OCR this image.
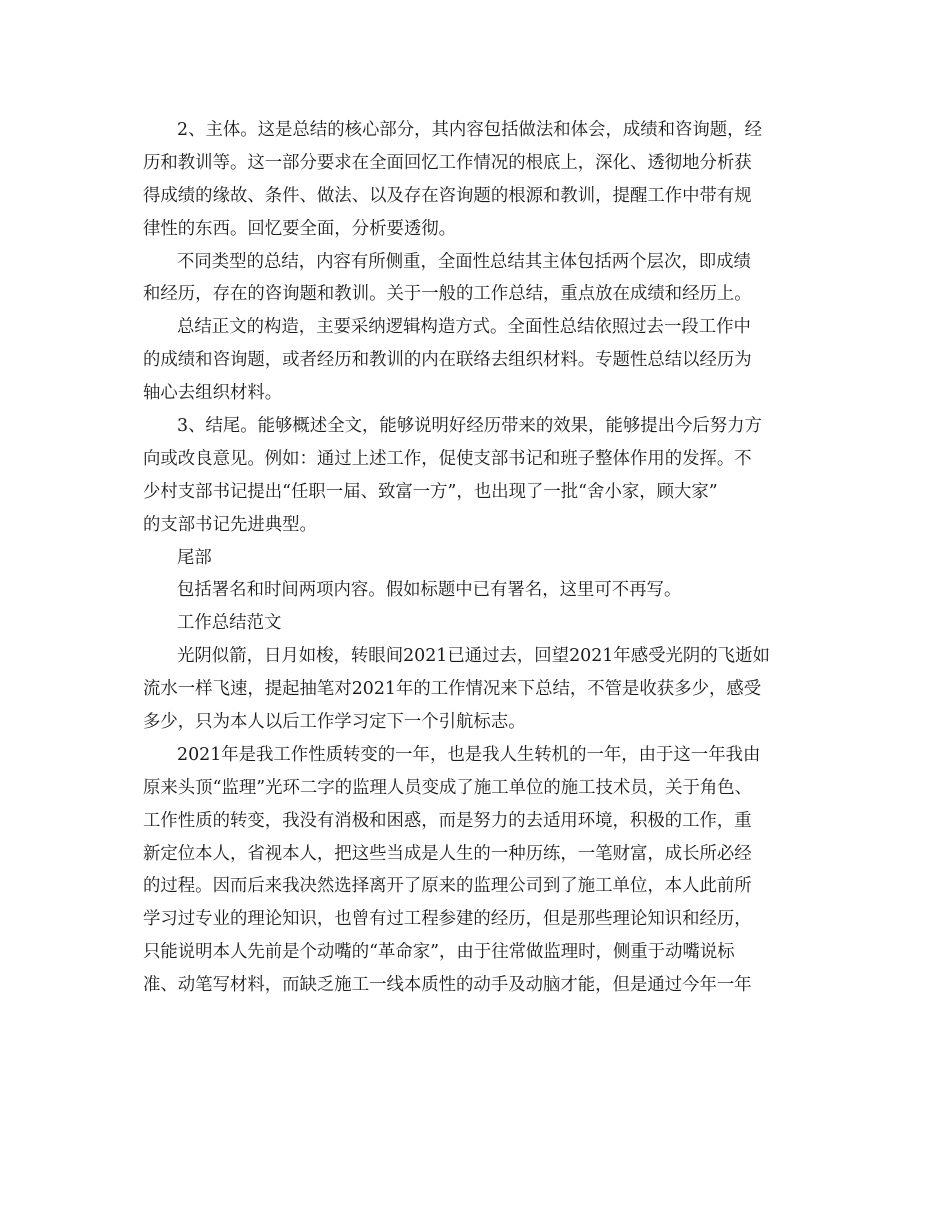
2、主体。这是总结的核心部分，其内容包括做法和体会，成绩和咨询题，经
历和教训等。这一部分要求在全面回忆工作情况的根底上，深化、透彻地分析获
得成绩的缘故、条件、做法、以及存在咨询题的根源和教训，提醒工作中带有规
律性的东西。回忆要全面，分析要透彻。
不同类型的总结，内容有所侧重，全面性总结其主体包括两个层次，即成绩
和经历，存在的咨询题和教训。关于一般的工作总结，重点放在成绩和经历上。
总结正文的构造，主要采纳逻辑构造方式。全面性总结依照过去一段工作中
的成绩和咨询题，或者经历和教训的内在联络去组织材料。专题性总结以经历为
轴心去组织材料。
3、结尾。能够概述全文，能够说明好经历带来的效果，能够提出今后努力方
向或改良意见。例如：通过上述工作，促使支部书记和班子整体作用的发挥。不
少村支部书记提出“任职一届、致富一方”，也出现了一批“舍小家，顾大家”
的支部书记先进典型。
尾部
包括署名和时间两项内容。假如标题中已有署名，这里可不再写。
工作总结范文
光阴似箭，日月如梭，转眼间2021已通过去，回望2021年感受光阴的飞逝如
流水一样飞速，提起抽笔对2021年的工作情况来下总结，不管是收获多少，感受
多少，只为本人以后工作学习定下一个引航标志。
2021年是我工作性质转变的一年，也是我人生转机的一年，由于这一年我由
原来头顶“监理”光环二字的监理人员变成了施工单位的施工技术员，关于角色、
工作性质的转变，我没有消极和困惑，而是努力的去适用环境，积极的工作，重
新定位本人，省视本人，把这些当成是人生的一种历练，一笔财富，成长所必经
的过程。因而后来我决然选择离开了原来的监理公司到了施工单位，本人此前所
学习过专业的理论知识，也曾有过工程参建的经历，但是那些理论知识和经历，
只能说明本人先前是个动嘴的“革命家”，由于往常做监理时，侧重于动嘴说标
准、动笔写材料，而缺乏施工一线本质性的动手及动脑才能，但是通过今年一年
